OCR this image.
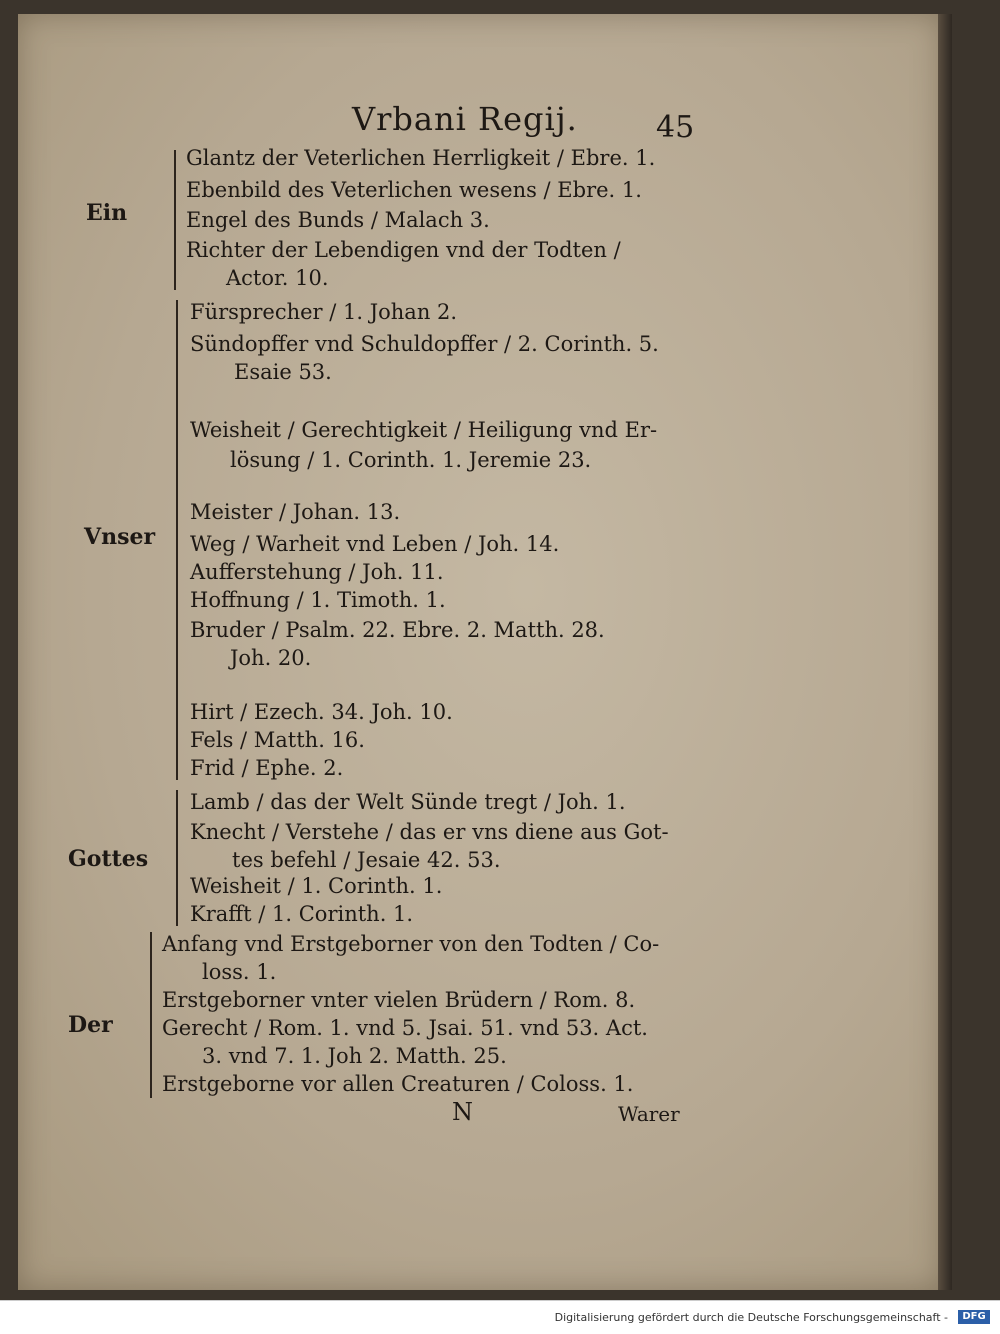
Vrbani Regij.	45
Ein
Glantz der Veterlichen Herrligkeit / Ebre. 1.
Ebenbild des Veterlichen wesens / Ebre. 1.
Engel des Bunds / Malach 3.
Richter der Lebendigen vnd der Todten /
Actor. 10.
Vnser
Fürsprecher / 1. Johan 2.
Sündopffer vnd Schuldopffer / 2. Corinth. 5.
Esaie 53.
Weisheit / Gerechtigkeit / Heiligung vnd Er-
lösung / 1. Corinth. 1. Jeremie 23.
Meister / Johan. 13.
Weg / Warheit vnd Leben / Joh. 14.
Aufferstehung / Joh. 11.
Hoffnung / 1. Timoth. 1.
Bruder / Psalm. 22. Ebre. 2. Matth. 28.
Joh. 20.
Hirt / Ezech. 34. Joh. 10.
Fels / Matth. 16.
Frid / Ephe. 2.
Gottes
Lamb / das der Welt Sünde tregt / Joh. 1.
Knecht / Verstehe / das er vns diene aus Got-
tes befehl / Jesaie 42. 53.
Weisheit / 1. Corinth. 1.
Krafft / 1. Corinth. 1.
Der
Anfang vnd Erstgeborner von den Todten / Co-
loss. 1.
Erstgeborner vnter vielen Brüdern / Rom. 8.
Gerecht / Rom. 1. vnd 5. Jsai. 51. vnd 53. Act.
3. vnd 7. 1. Joh 2. Matth. 25.
Erstgeborne vor allen Creaturen / Coloss. 1.
N	Warer
Digitalisierung gefördert durch die Deutsche Forschungsgemeinschaft -	DFG
